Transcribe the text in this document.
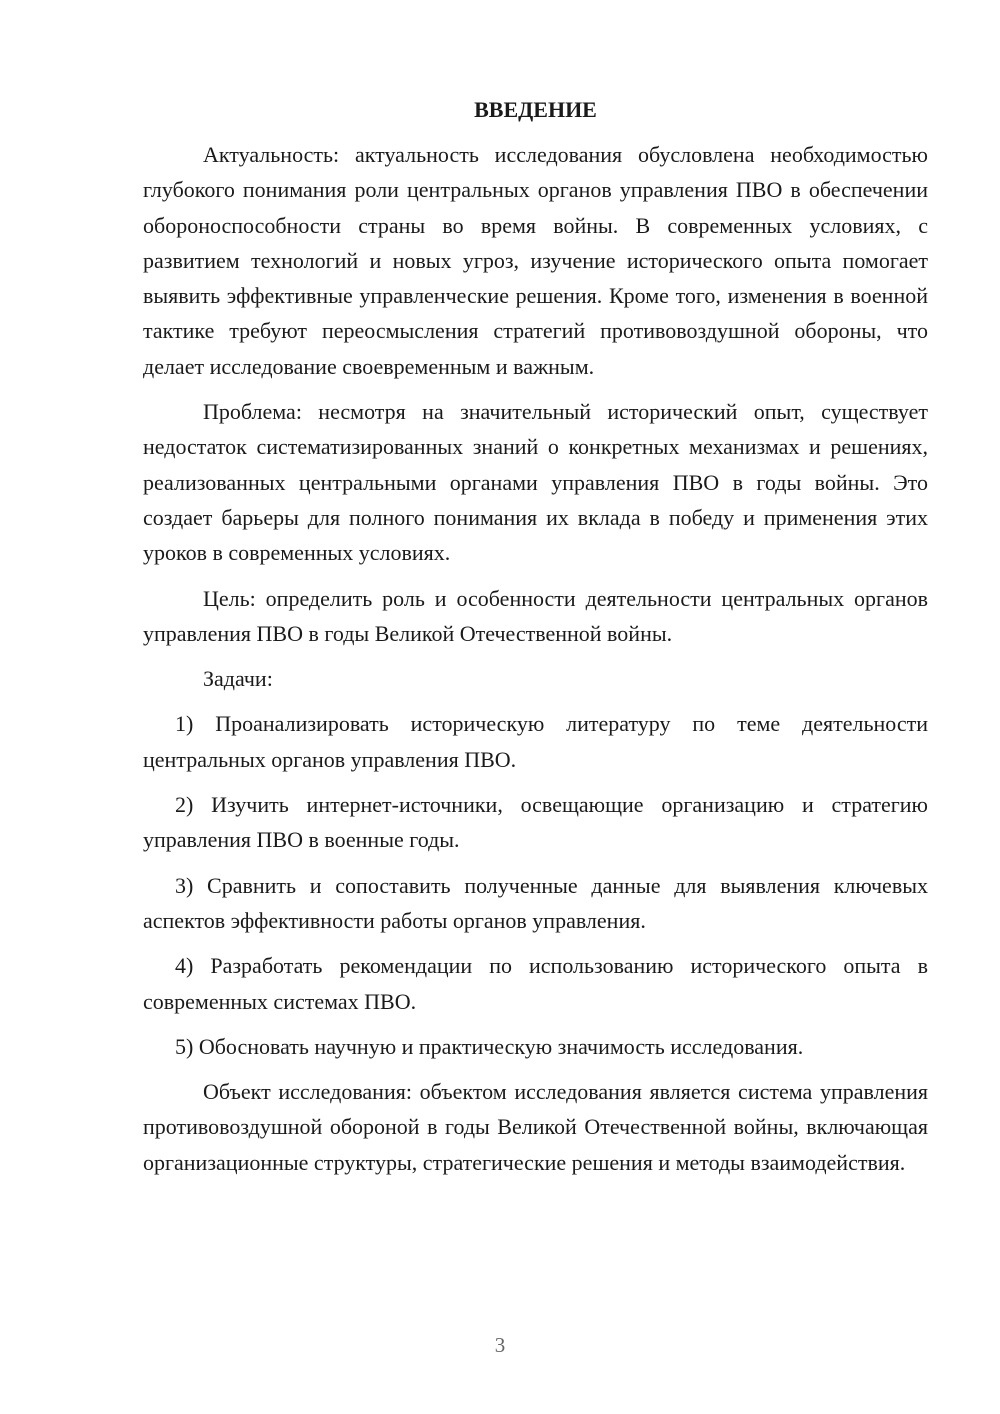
ВВЕДЕНИЕ

Актуальность: актуальность исследования обусловлена необходимостью глубокого понимания роли центральных органов управления ПВО в обеспечении обороноспособности страны во время войны. В современных условиях, с развитием технологий и новых угроз, изучение исторического опыта помогает выявить эффективные управленческие решения. Кроме того, изменения в военной тактике требуют переосмысления стратегий противовоздушной обороны, что делает исследование своевременным и важным.

Проблема: несмотря на значительный исторический опыт, существует недостаток систематизированных знаний о конкретных механизмах и решениях, реализованных центральными органами управления ПВО в годы войны. Это создает барьеры для полного понимания их вклада в победу и применения этих уроков в современных условиях.

Цель: определить роль и особенности деятельности центральных органов управления ПВО в годы Великой Отечественной войны.

Задачи:

1) Проанализировать историческую литературу по теме деятельности центральных органов управления ПВО.

2) Изучить интернет-источники, освещающие организацию и стратегию управления ПВО в военные годы.

3) Сравнить и сопоставить полученные данные для выявления ключевых аспектов эффективности работы органов управления.

4) Разработать рекомендации по использованию исторического опыта в современных системах ПВО.

5) Обосновать научную и практическую значимость исследования.

Объект исследования: объектом исследования является система управления противовоздушной обороной в годы Великой Отечественной войны, включающая организационные структуры, стратегические решения и методы взаимодействия.

3
